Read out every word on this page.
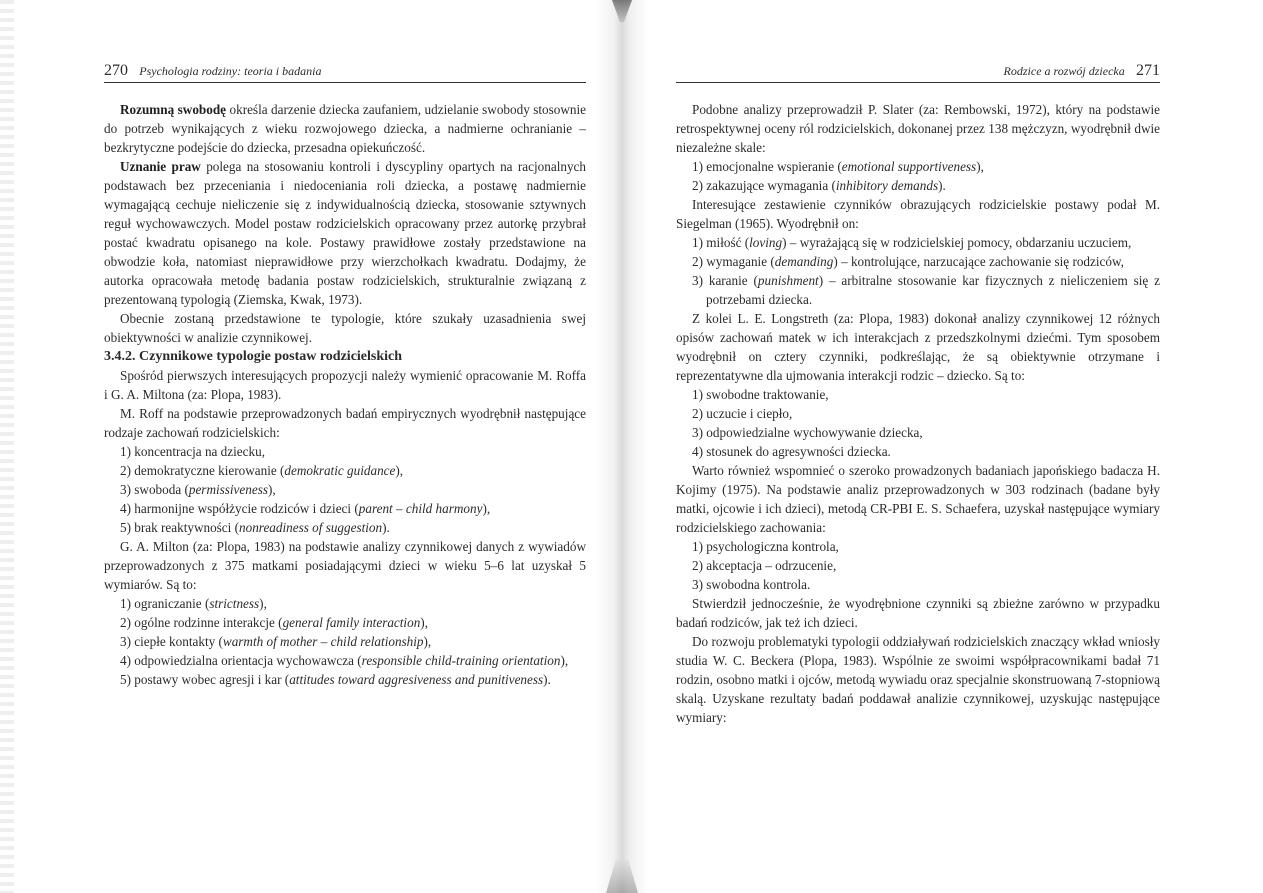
270 Psychologia rodziny: teoria i badania

Rozumną swobodę określa darzenie dziecka zaufaniem, udzielanie swobody stosownie do potrzeb wynikających z wieku rozwojowego dziecka, a nadmierne ochranianie – bezkrytyczne podejście do dziecka, przesadna opiekuńczość.

Uznanie praw polega na stosowaniu kontroli i dyscypliny opartych na racjonalnych podstawach bez przeceniania i niedoceniania roli dziecka, a postawę nadmiernie wymagającą cechuje nieliczenie się z indywidualnością dziecka, stosowanie sztywnych reguł wychowawczych. Model postaw rodzicielskich opracowany przez autorkę przybrał postać kwadratu opisanego na kole. Postawy prawidłowe zostały przedstawione na obwodzie koła, natomiast nieprawidłowe przy wierzchołkach kwadratu. Dodajmy, że autorka opracowała metodę badania postaw rodzicielskich, strukturalnie związaną z prezentowaną typologią (Ziemska, Kwak, 1973).

Obecnie zostaną przedstawione te typologie, które szukały uzasadnienia swej obiektywności w analizie czynnikowej.

3.4.2. Czynnikowe typologie postaw rodzicielskich

Spośród pierwszych interesujących propozycji należy wymienić opracowanie M. Roffa i G. A. Miltona (za: Plopa, 1983).

M. Roff na podstawie przeprowadzonych badań empirycznych wyodrębnił następujące rodzaje zachowań rodzicielskich:

1) koncentracja na dziecku,
2) demokratyczne kierowanie (demokratic guidance),
3) swoboda (permissiveness),
4) harmonijne współżycie rodziców i dzieci (parent – child harmony),
5) brak reaktywności (nonreadiness of suggestion).

G. A. Milton (za: Plopa, 1983) na podstawie analizy czynnikowej danych z wywiadów przeprowadzonych z 375 matkami posiadającymi dzieci w wieku 5–6 lat uzyskał 5 wymiarów. Są to:

1) ograniczanie (strictness),
2) ogólne rodzinne interakcje (general family interaction),
3) ciepłe kontakty (warmth of mother – child relationship),
4) odpowiedzialna orientacja wychowawcza (responsible child-training orientation),
5) postawy wobec agresji i kar (attitudes toward aggresiveness and punitiveness).
Rodzice a rozwój dziecka 271

Podobne analizy przeprowadził P. Slater (za: Rembowski, 1972), który na podstawie retrospektywnej oceny ról rodzicielskich, dokonanej przez 138 mężczyzn, wyodrębnił dwie niezależne skale:

1) emocjonalne wspieranie (emotional supportiveness),
2) zakazujące wymagania (inhibitory demands).

Interesujące zestawienie czynników obrazujących rodzicielskie postawy podał M. Siegelman (1965). Wyodrębnił on:

1) miłość (loving) – wyrażającą się w rodzicielskiej pomocy, obdarzaniu uczuciem,
2) wymaganie (demanding) – kontrolujące, narzucające zachowanie się rodziców,
3) karanie (punishment) – arbitralne stosowanie kar fizycznych z nieliczeniem się z potrzebami dziecka.

Z kolei L. E. Longstreth (za: Plopa, 1983) dokonał analizy czynnikowej 12 różnych opisów zachowań matek w ich interakcjach z przedszkolnymi dziećmi. Tym sposobem wyodrębnił on cztery czynniki, podkreślając, że są obiektywnie otrzymane i reprezentatywne dla ujmowania interakcji rodzic – dziecko. Są to:

1) swobodne traktowanie,
2) uczucie i ciepło,
3) odpowiedzialne wychowywanie dziecka,
4) stosunek do agresywności dziecka.

Warto również wspomnieć o szeroko prowadzonych badaniach japońskiego badacza H. Kojimy (1975). Na podstawie analiz przeprowadzonych w 303 rodzinach (badane były matki, ojcowie i ich dzieci), metodą CR-PBI E. S. Schaefera, uzyskał następujące wymiary rodzicielskiego zachowania:

1) psychologiczna kontrola,
2) akceptacja – odrzucenie,
3) swobodna kontrola.

Stwierdził jednocześnie, że wyodrębnione czynniki są zbieżne zarówno w przypadku badań rodziców, jak też ich dzieci.

Do rozwoju problematyki typologii oddziaływań rodzicielskich znaczący wkład wniosły studia W. C. Beckera (Plopa, 1983). Wspólnie ze swoimi współpracownikami badał 71 rodzin, osobno matki i ojców, metodą wywiadu oraz specjalnie skonstruowaną 7-stopniową skalą. Uzyskane rezultaty badań poddawał analizie czynnikowej, uzyskując następujące wymiary:
